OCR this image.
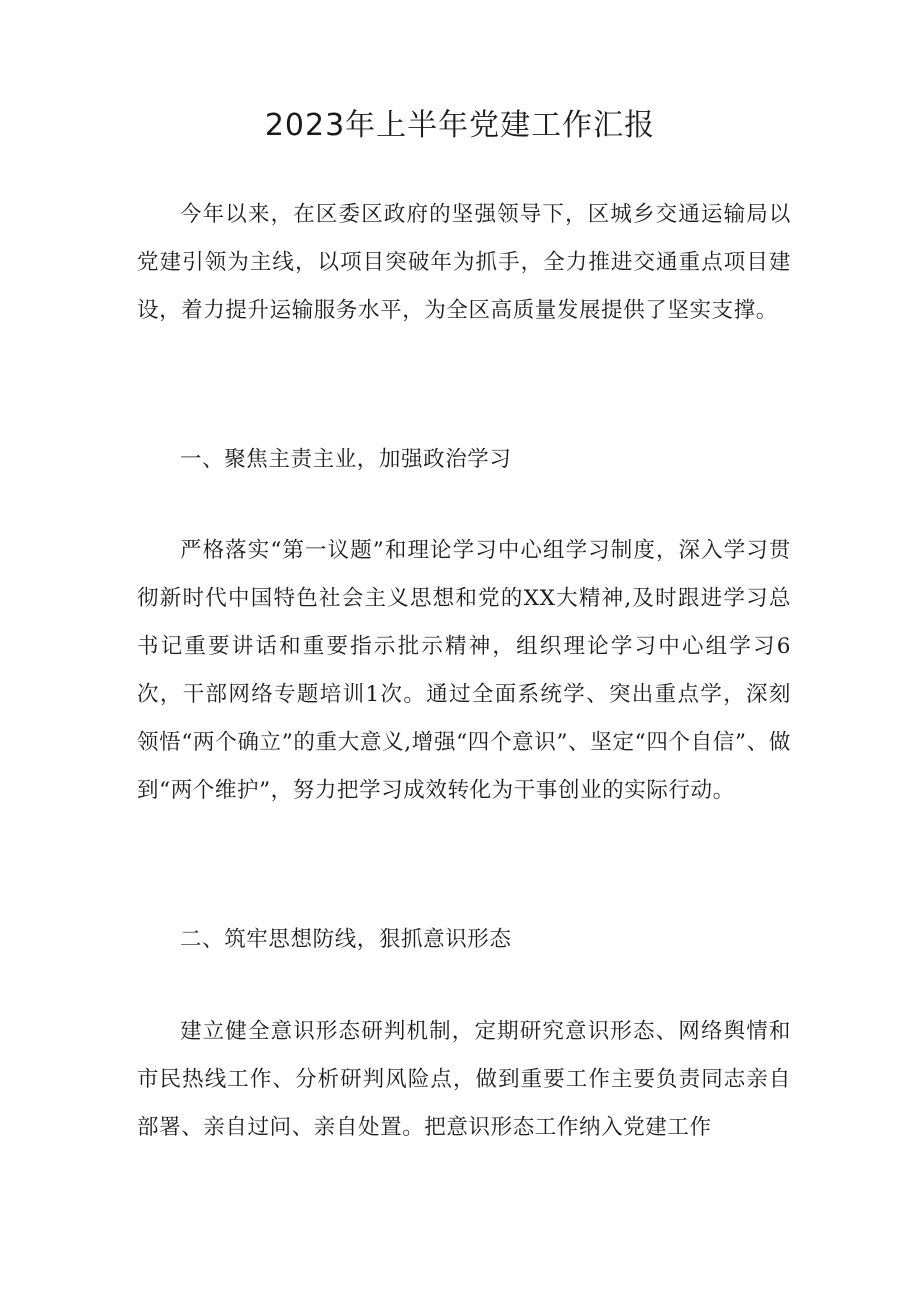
2023年上半年党建工作汇报

今年以来，在区委区政府的坚强领导下，区城乡交通运输局以党建引领为主线，以项目突破年为抓手，全力推进交通重点项目建设，着力提升运输服务水平，为全区高质量发展提供了坚实支撑。

一、聚焦主责主业，加强政治学习

严格落实“第一议题”和理论学习中心组学习制度，深入学习贯彻新时代中国特色社会主义思想和党的XX大精神,及时跟进学习总书记重要讲话和重要指示批示精神，组织理论学习中心组学习6次，干部网络专题培训1次。通过全面系统学、突出重点学，深刻领悟“两个确立”的重大意义,增强“四个意识”、坚定“四个自信”、做到“两个维护”，努力把学习成效转化为干事创业的实际行动。

二、筑牢思想防线，狠抓意识形态

建立健全意识形态研判机制，定期研究意识形态、网络舆情和市民热线工作、分析研判风险点，做到重要工作主要负责同志亲自部署、亲自过问、亲自处置。把意识形态工作纳入党建工作
